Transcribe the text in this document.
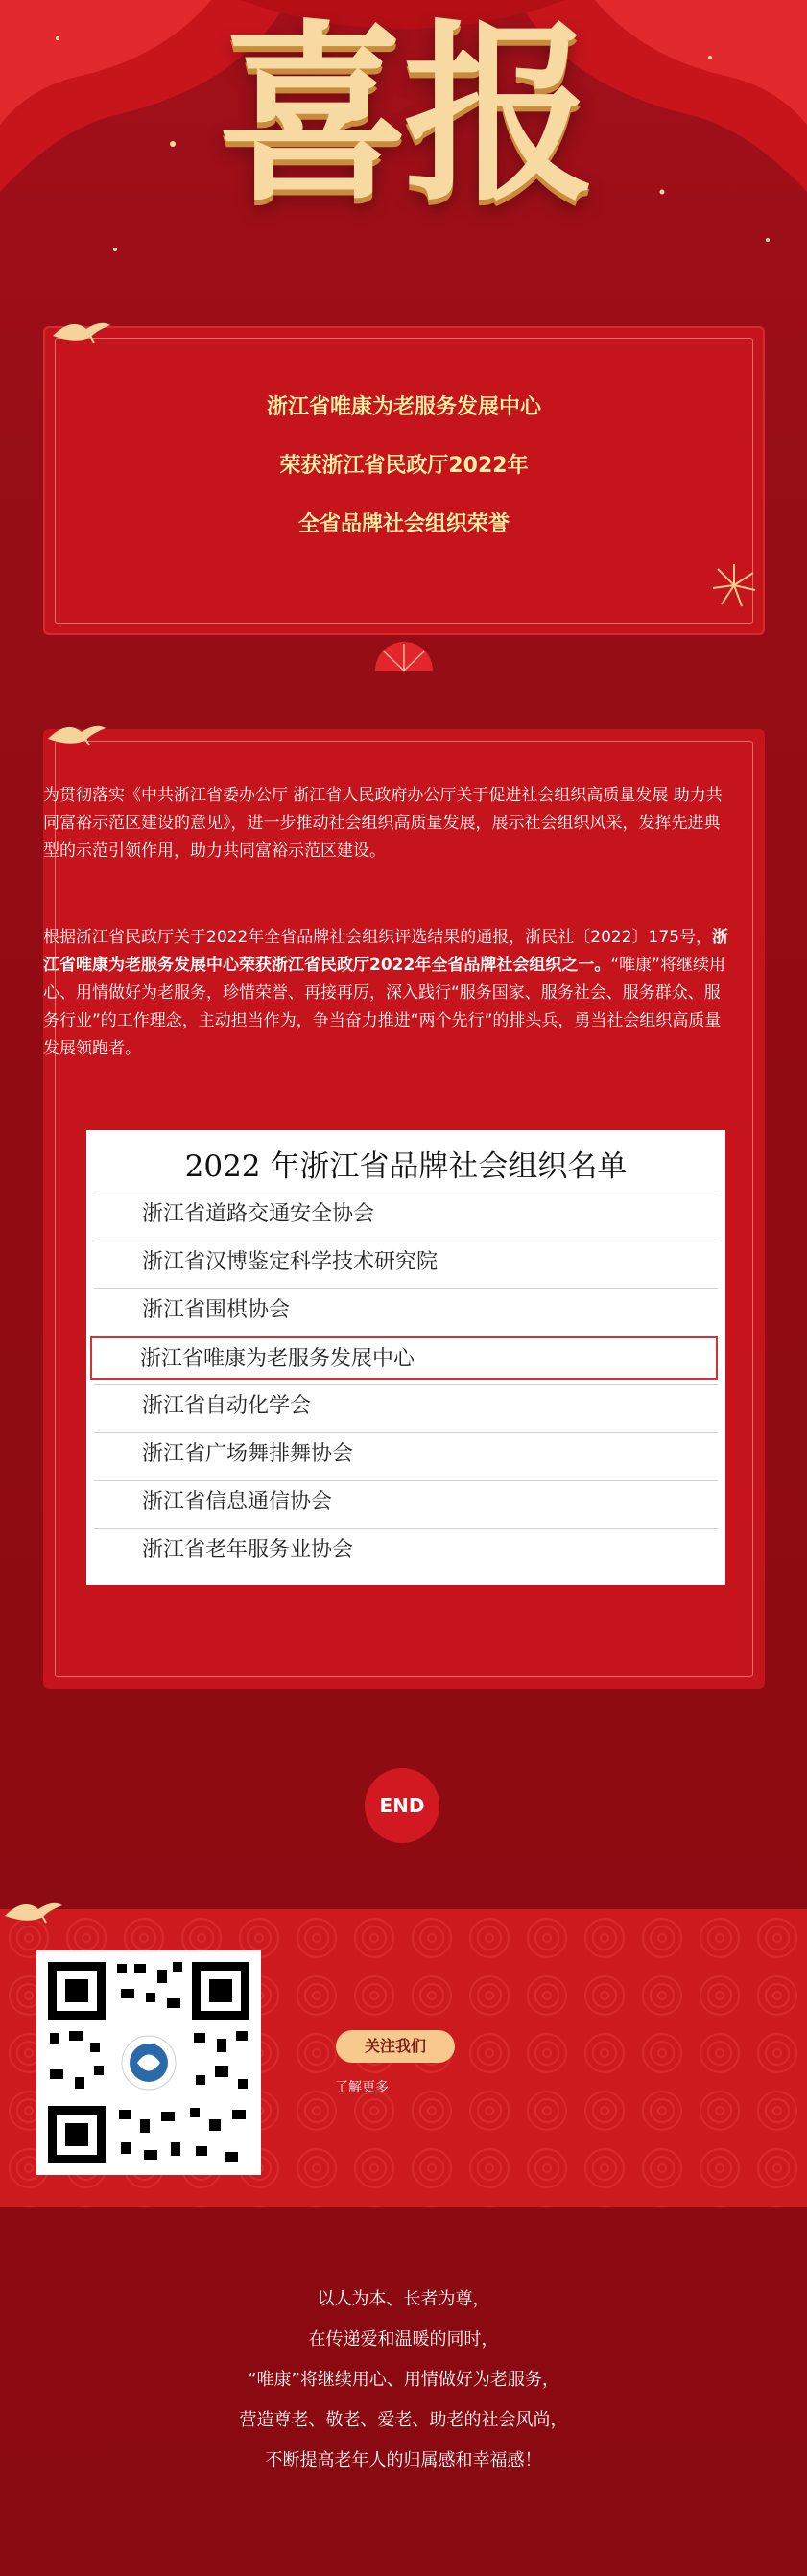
喜报
浙江省唯康为老服务发展中心
荣获浙江省民政厅2022年
全省品牌社会组织荣誉
为贯彻落实《中共浙江省委办公厅 浙江省人民政府办公厅关于促进社会组织高质量发展 助力共同富裕示范区建设的意见》，进一步推动社会组织高质量发展，展示社会组织风采，发挥先进典型的示范引领作用，助力共同富裕示范区建设。
根据浙江省民政厅关于2022年全省品牌社会组织评选结果的通报，浙民社〔2022〕175号，浙江省唯康为老服务发展中心荣获浙江省民政厅2022年全省品牌社会组织之一。“唯康”将继续用心、用情做好为老服务，珍惜荣誉、再接再厉，深入践行“服务国家、服务社会、服务群众、服务行业”的工作理念，主动担当作为，争当奋力推进“两个先行”的排头兵，勇当社会组织高质量发展领跑者。
2022 年浙江省品牌社会组织名单
浙江省道路交通安全协会
浙江省汉博鉴定科学技术研究院
浙江省围棋协会
浙江省唯康为老服务发展中心
浙江省自动化学会
浙江省广场舞排舞协会
浙江省信息通信协会
浙江省老年服务业协会
END
关注我们
了解更多
以人为本、长者为尊，
在传递爱和温暖的同时，
“唯康”将继续用心、用情做好为老服务，
营造尊老、敬老、爱老、助老的社会风尚，
不断提高老年人的归属感和幸福感！
